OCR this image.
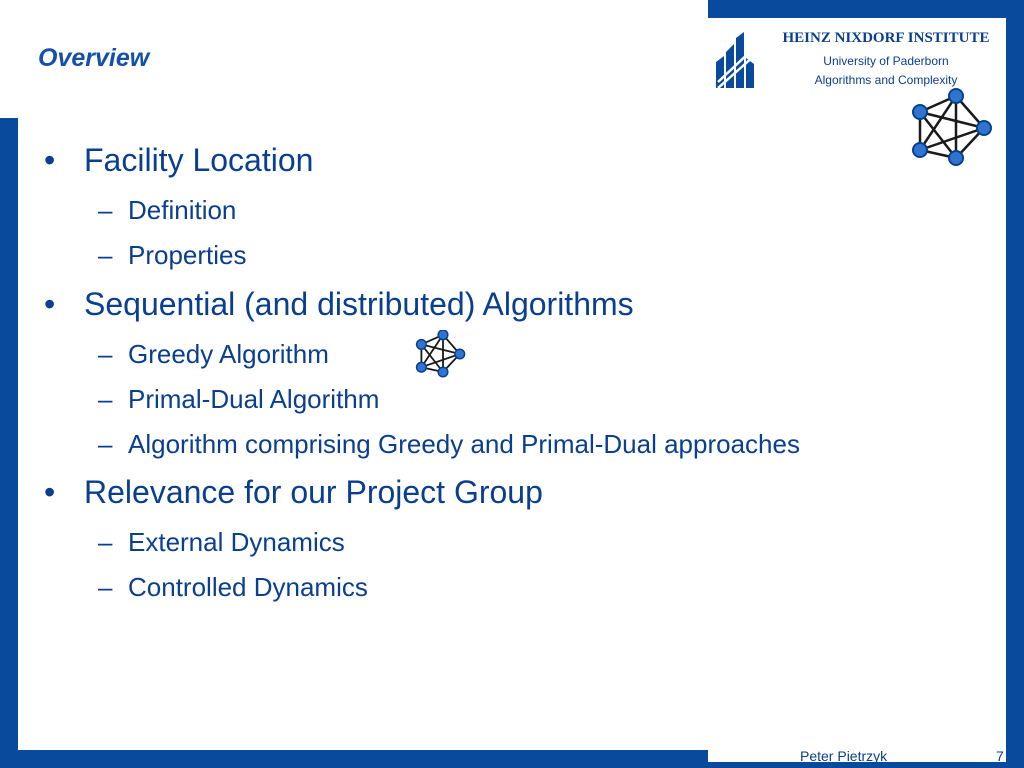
Overview
HEINZ NIXDORF INSTITUTE
University of Paderborn
Algorithms and Complexity
• Facility Location
– Definition
– Properties
• Sequential (and distributed) Algorithms
– Greedy Algorithm
– Primal-Dual Algorithm
– Algorithm comprising Greedy and Primal-Dual approaches
• Relevance for our Project Group
– External Dynamics
– Controlled Dynamics
Peter Pietrzyk	7
